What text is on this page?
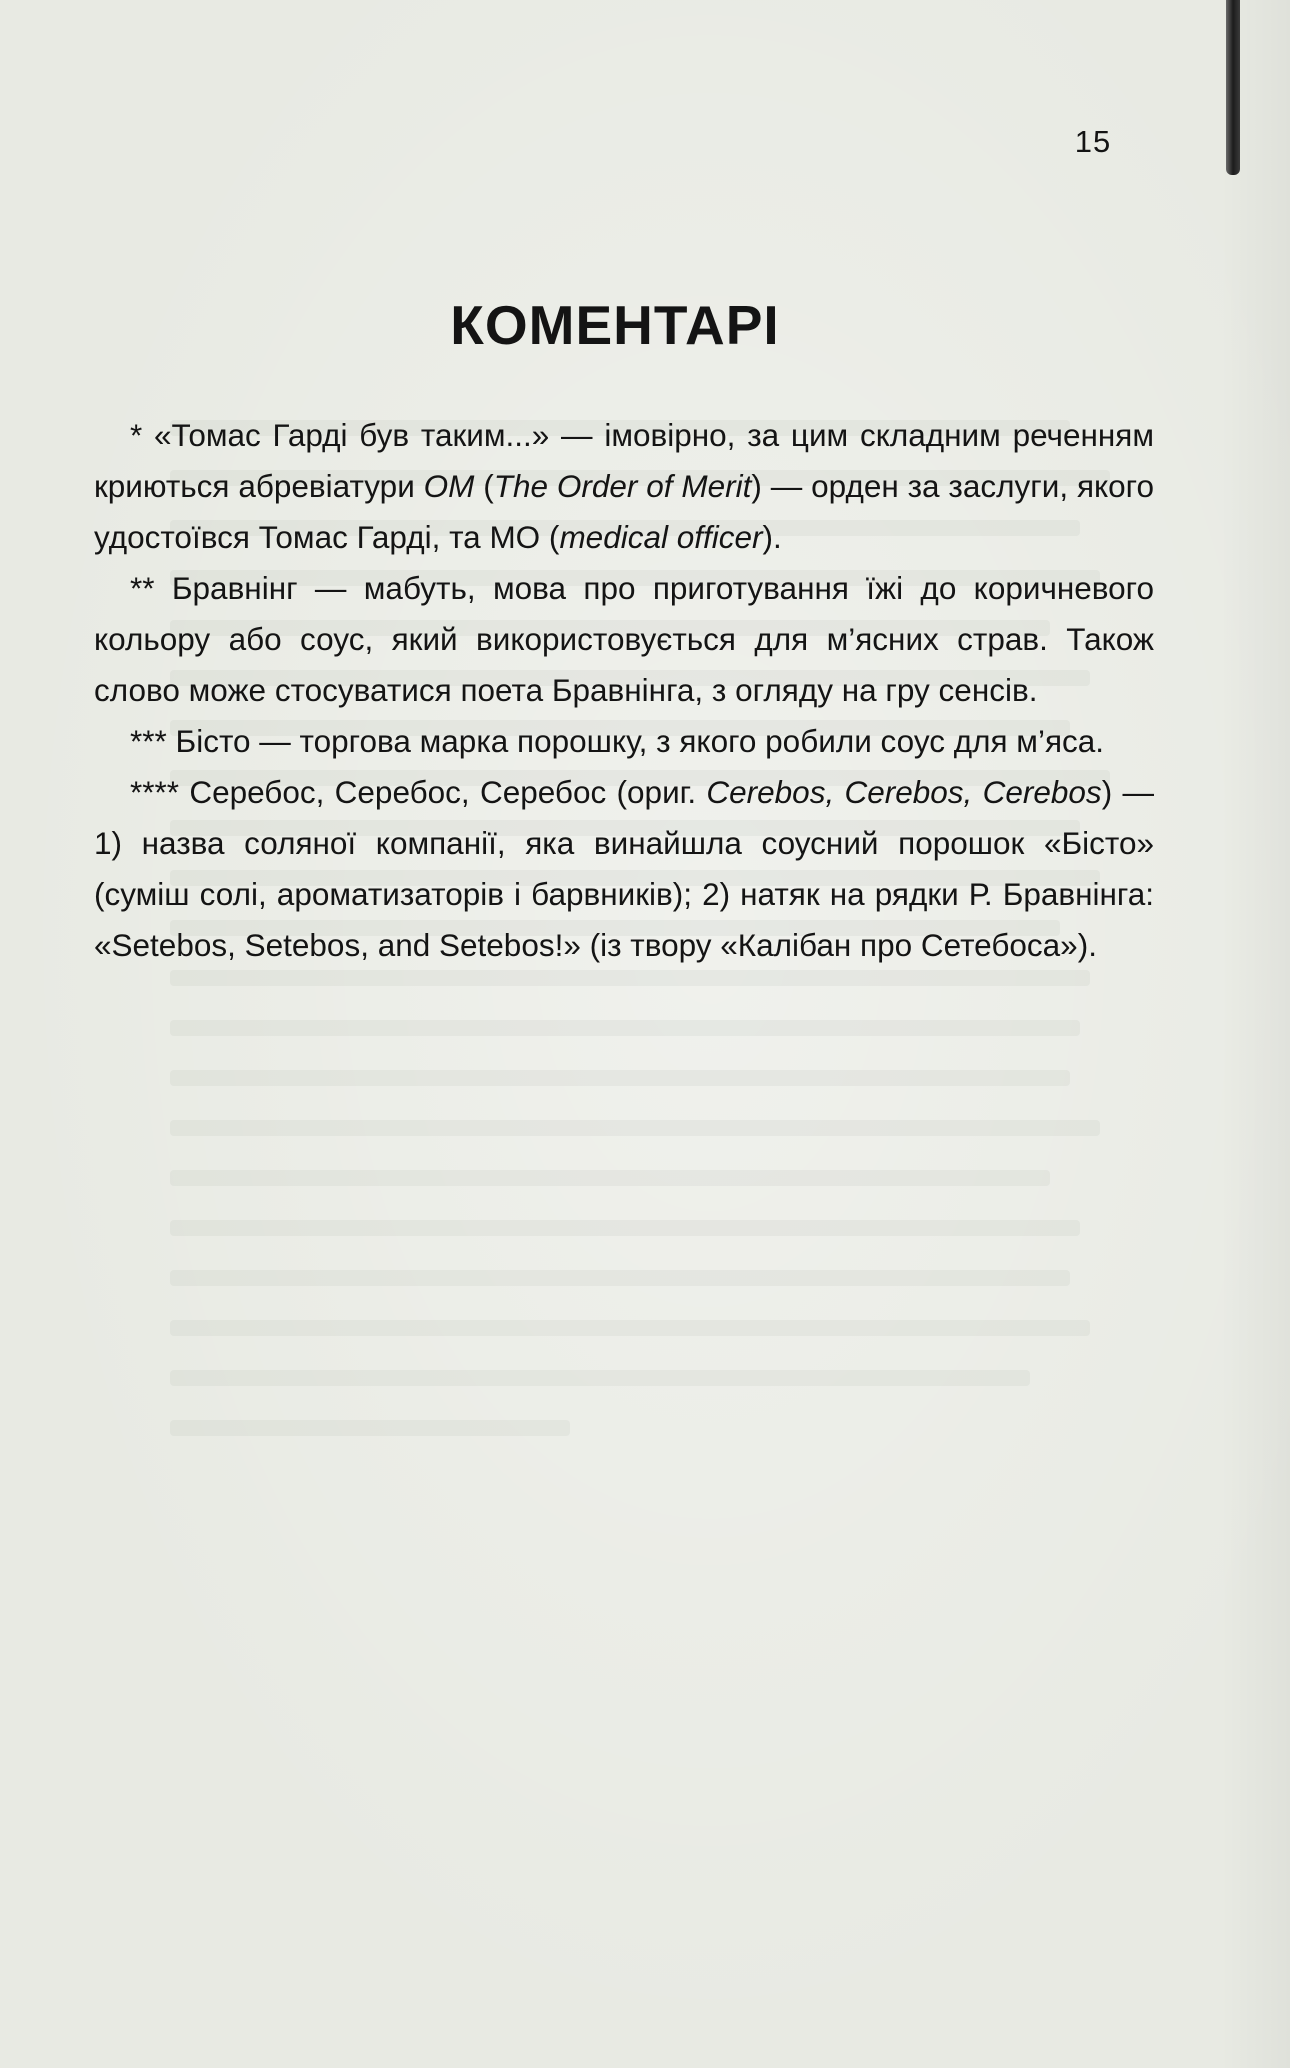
15
КОМЕНТАРІ

* «Томас Гарді був таким...» — імовірно, за цим складним реченням криються абревіатури OM (The Order of Merit) — орден за заслуги, якого удостоївся Томас Гарді, та MO (medical officer).

** Бравнінг — мабуть, мова про приготування їжі до коричневого кольору або соус, який використовується для м’ясних страв. Також слово може стосуватися поета Бравнінга, з огляду на гру сенсів.

*** Бісто — торгова марка порошку, з якого робили соус для м’яса.

**** Серебос, Серебос, Серебос (ориг. Cerebos, Cerebos, Cerebos) — 1) назва соляної компанії, яка винайшла соусний порошок «Бісто» (суміш солі, ароматизаторів і барвників); 2) натяк на рядки Р. Бравнінга: «Setebos, Setebos, and Setebos!» (із твору «Калібан про Сетебоса»).
